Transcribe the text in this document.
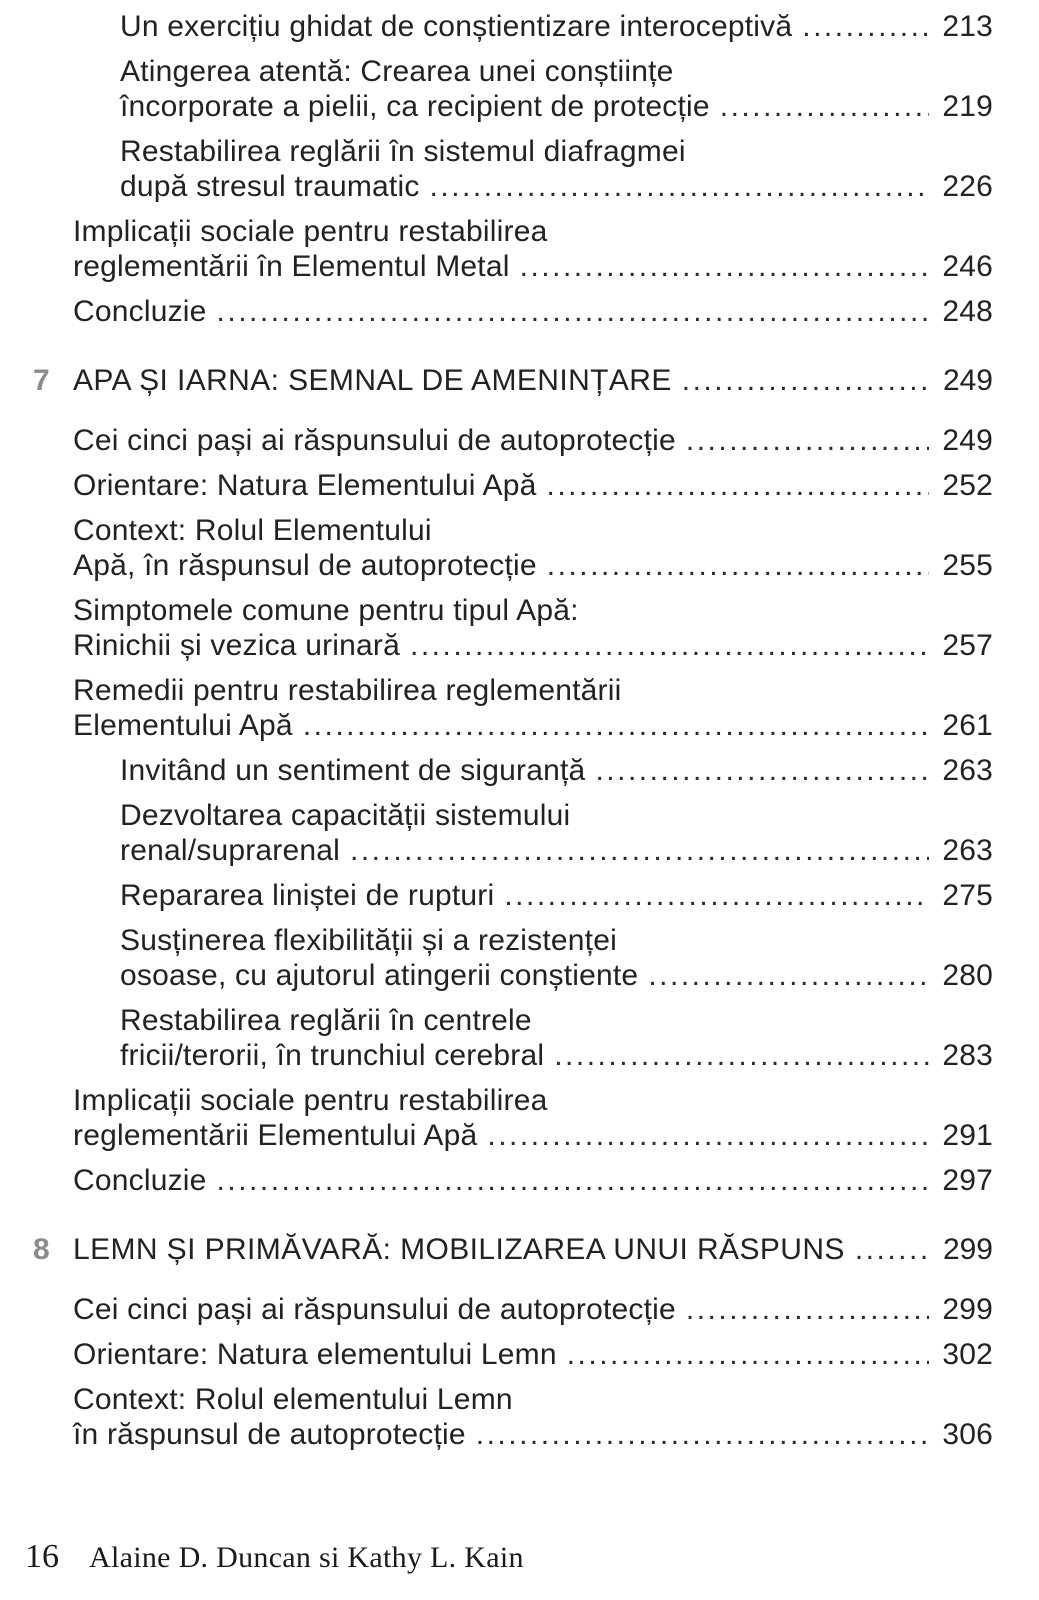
Un exercițiu ghidat de conștientizare interoceptivă .....	213
Atingerea atentă: Crearea unei conștiințe
încorporate a pielii, ca recipient de protecție .....	219
Restabilirea reglării în sistemul diafragmei
după stresul traumatic .....	226
Implicații sociale pentru restabilirea
reglementării în Elementul Metal .....	246
Concluzie .....	248
7 APA ȘI IARNA: SEMNAL DE AMENINȚARE .....	249
Cei cinci pași ai răspunsului de autoprotecție .....	249
Orientare: Natura Elementului Apă .....	252
Context: Rolul Elementului
Apă, în răspunsul de autoprotecție .....	255
Simptomele comune pentru tipul Apă:
Rinichii și vezica urinară .....	257
Remedii pentru restabilirea reglementării
Elementului Apă .....	261
Invitând un sentiment de siguranță .....	263
Dezvoltarea capacității sistemului
renal/suprarenal .....	263
Repararea liniștei de rupturi .....	275
Susținerea flexibilității și a rezistenței
osoase, cu ajutorul atingerii conștiente .....	280
Restabilirea reglării în centrele
fricii/terorii, în trunchiul cerebral .....	283
Implicații sociale pentru restabilirea
reglementării Elementului Apă .....	291
Concluzie .....	297
8 LEMN ȘI PRIMĂVARĂ: MOBILIZAREA UNUI RĂSPUNS .....	299
Cei cinci pași ai răspunsului de autoprotecție .....	299
Orientare: Natura elementului Lemn .....	302
Context: Rolul elementului Lemn
în răspunsul de autoprotecție .....	306
16 Alaine D. Duncan si Kathy L. Kain
